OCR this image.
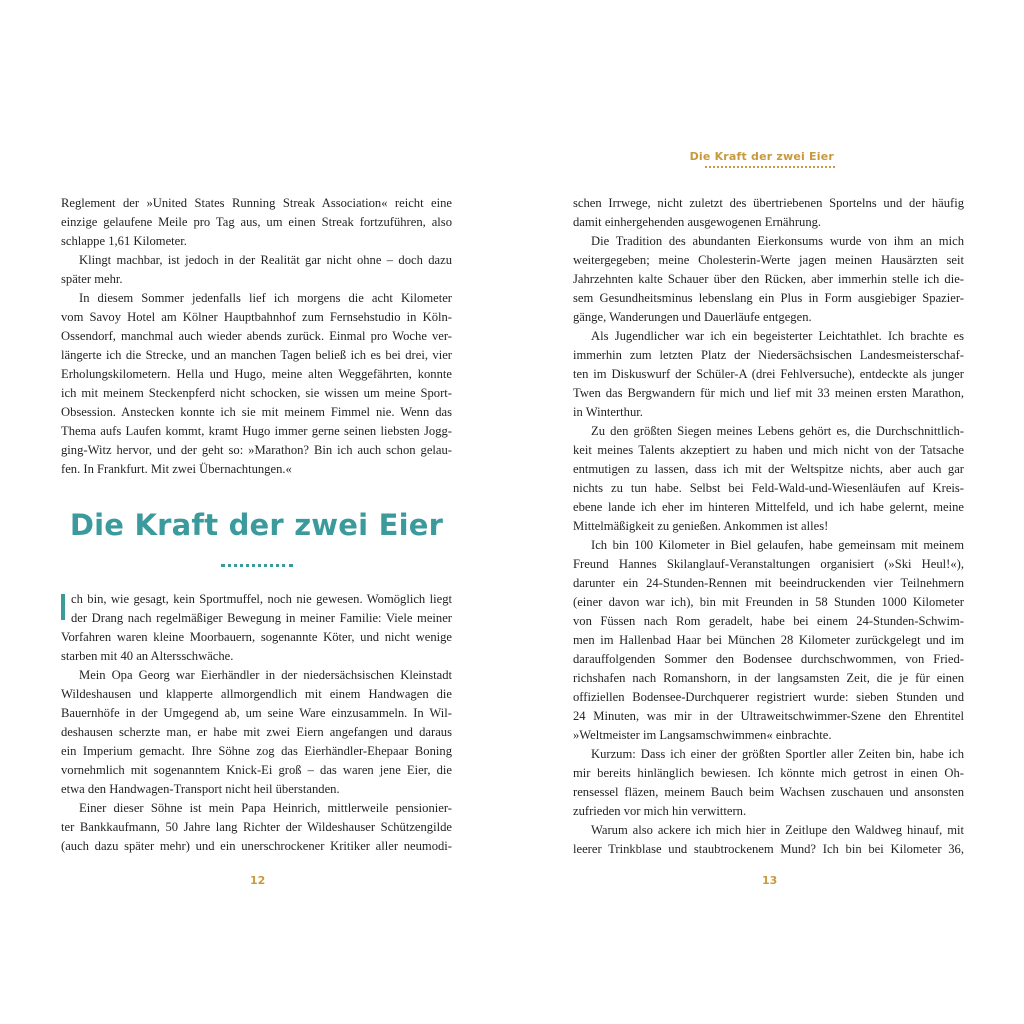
Reglement der »United States Running Streak Association« reicht eine
einzige gelaufene Meile pro Tag aus, um einen Streak fortzuführen, also
schlappe 1,61 Kilometer.
Klingt machbar, ist jedoch in der Realität gar nicht ohne – doch dazu
später mehr.
In diesem Sommer jedenfalls lief ich morgens die acht Kilometer
vom Savoy Hotel am Kölner Hauptbahnhof zum Fernsehstudio in Köln-
Ossendorf, manchmal auch wieder abends zurück. Einmal pro Woche ver-
längerte ich die Strecke, und an manchen Tagen beließ ich es bei drei, vier
Erholungskilometern. Hella und Hugo, meine alten Weggefährten, konnte
ich mit meinem Steckenpferd nicht schocken, sie wissen um meine Sport-
Obsession. Anstecken konnte ich sie mit meinem Fimmel nie. Wenn das
Thema aufs Laufen kommt, kramt Hugo immer gerne seinen liebsten Jogg-
ging-Witz hervor, und der geht so: »Marathon? Bin ich auch schon gelau-
fen. In Frankfurt. Mit zwei Übernachtungen.«
Die Kraft der zwei Eier
ch bin, wie gesagt, kein Sportmuffel, noch nie gewesen. Womöglich liegt
der Drang nach regelmäßiger Bewegung in meiner Familie: Viele meiner
Vorfahren waren kleine Moorbauern, sogenannte Köter, und nicht wenige
starben mit 40 an Altersschwäche.
Mein Opa Georg war Eierhändler in der niedersächsischen Kleinstadt
Wildeshausen und klapperte allmorgendlich mit einem Handwagen die
Bauernhöfe in der Umgegend ab, um seine Ware einzusammeln. In Wil-
deshausen scherzte man, er habe mit zwei Eiern angefangen und daraus
ein Imperium gemacht. Ihre Söhne zog das Eierhändler-Ehepaar Boning
vornehmlich mit sogenanntem Knick-Ei groß – das waren jene Eier, die
etwa den Handwagen-Transport nicht heil überstanden.
Einer dieser Söhne ist mein Papa Heinrich, mittlerweile pensionier-
ter Bankkaufmann, 50 Jahre lang Richter der Wildeshauser Schützengilde
(auch dazu später mehr) und ein unerschrockener Kritiker aller neumodi-
12
Die Kraft der zwei Eier
schen Irrwege, nicht zuletzt des übertriebenen Sportelns und der häufig
damit einhergehenden ausgewogenen Ernährung.
Die Tradition des abundanten Eierkonsums wurde von ihm an mich
weitergegeben; meine Cholesterin-Werte jagen meinen Hausärzten seit
Jahrzehnten kalte Schauer über den Rücken, aber immerhin stelle ich die-
sem Gesundheitsminus lebenslang ein Plus in Form ausgiebiger Spazier-
gänge, Wanderungen und Dauerläufe entgegen.
Als Jugendlicher war ich ein begeisterter Leichtathlet. Ich brachte es
immerhin zum letzten Platz der Niedersächsischen Landesmeisterschaf-
ten im Diskuswurf der Schüler-A (drei Fehlversuche), entdeckte als junger
Twen das Bergwandern für mich und lief mit 33 meinen ersten Marathon,
in Winterthur.
Zu den größten Siegen meines Lebens gehört es, die Durchschnittlich-
keit meines Talents akzeptiert zu haben und mich nicht von der Tatsache
entmutigen zu lassen, dass ich mit der Weltspitze nichts, aber auch gar
nichts zu tun habe. Selbst bei Feld-Wald-und-Wiesenläufen auf Kreis-
ebene lande ich eher im hinteren Mittelfeld, und ich habe gelernt, meine
Mittelmäßigkeit zu genießen. Ankommen ist alles!
Ich bin 100 Kilometer in Biel gelaufen, habe gemeinsam mit meinem
Freund Hannes Skilanglauf-Veranstaltungen organisiert (»Ski Heul!«),
darunter ein 24-Stunden-Rennen mit beeindruckenden vier Teilnehmern
(einer davon war ich), bin mit Freunden in 58 Stunden 1000 Kilometer
von Füssen nach Rom geradelt, habe bei einem 24-Stunden-Schwim-
men im Hallenbad Haar bei München 28 Kilometer zurückgelegt und im
darauffolgenden Sommer den Bodensee durchschwommen, von Fried-
richshafen nach Romanshorn, in der langsamsten Zeit, die je für einen
offiziellen Bodensee-Durchquerer registriert wurde: sieben Stunden und
24 Minuten, was mir in der Ultraweitschwimmer-Szene den Ehrentitel
»Weltmeister im Langsamschwimmen« einbrachte.
Kurzum: Dass ich einer der größten Sportler aller Zeiten bin, habe ich
mir bereits hinlänglich bewiesen. Ich könnte mich getrost in einen Oh-
rensessel fläzen, meinem Bauch beim Wachsen zuschauen und ansonsten
zufrieden vor mich hin verwittern.
Warum also ackere ich mich hier in Zeitlupe den Waldweg hinauf, mit
leerer Trinkblase und staubtrockenem Mund? Ich bin bei Kilometer 36,
13
